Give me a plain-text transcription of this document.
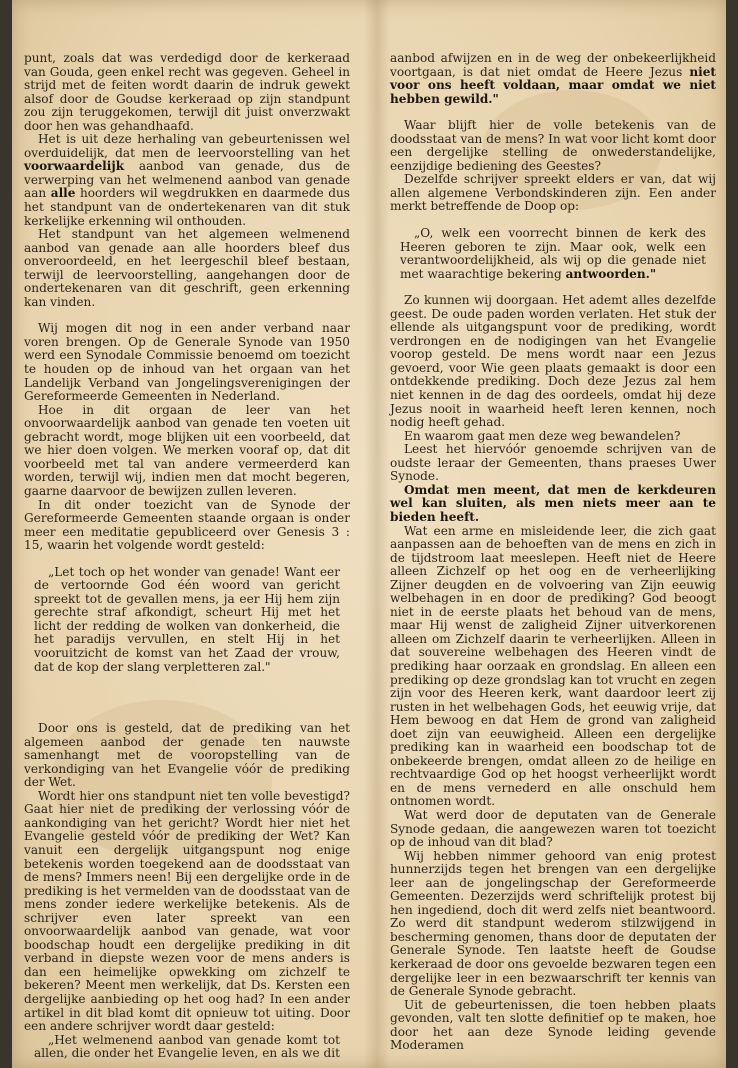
punt, zoals dat was verdedigd door de kerkeraad van Gouda, geen enkel recht was gegeven. Geheel in strijd met de feiten wordt daarin de indruk gewekt alsof door de Goudse kerkeraad op zijn standpunt zou zijn teruggekomen, terwijl dit juist onverzwakt door hen was gehandhaafd.

Het is uit deze herhaling van gebeurtenissen wel overduidelijk, dat men de leervoorstelling van het voorwaardelijk aanbod van genade, dus de verwerping van het welmenend aanbod van genade aan alle hoorders wil wegdrukken en daarmede dus het standpunt van de ondertekenaren van dit stuk kerkelijke erkenning wil onthouden.

Het standpunt van het algemeen welmenend aanbod van genade aan alle hoorders bleef dus onveroordeeld, en het leergeschil bleef bestaan, terwijl de leervoorstelling, aangehangen door de ondertekenaren van dit geschrift, geen erkenning kan vinden.

Wij mogen dit nog in een ander verband naar voren brengen. Op de Generale Synode van 1950 werd een Synodale Commissie benoemd om toezicht te houden op de inhoud van het orgaan van het Landelijk Verband van Jongelingsverenigingen der Gereformeerde Gemeenten in Nederland.

Hoe in dit orgaan de leer van het onvoorwaardelijk aanbod van genade ten voeten uit gebracht wordt, moge blijken uit een voorbeeld, dat we hier doen volgen. We merken vooraf op, dat dit voorbeeld met tal van andere vermeerderd kan worden, terwijl wij, indien men dat mocht begeren, gaarne daarvoor de bewijzen zullen leveren.

In dit onder toezicht van de Synode der Gereformeerde Gemeenten staande orgaan is onder meer een meditatie gepubliceerd over Genesis 3 : 15, waarin het volgende wordt gesteld:

„Let toch op het wonder van genade! Want eer de vertoornde God één woord van gericht spreekt tot de gevallen mens, ja eer Hij hem zijn gerechte straf afkondigt, scheurt Hij met het licht der redding de wolken van donkerheid, die het paradijs vervullen, en stelt Hij in het vooruitzicht de komst van het Zaad der vrouw, dat de kop der slang verpletteren zal."

Door ons is gesteld, dat de prediking van het algemeen aanbod der genade ten nauwste samenhangt met de vooropstelling van de verkondiging van het Evangelie vóór de prediking der Wet.

Wordt hier ons standpunt niet ten volle bevestigd? Gaat hier niet de prediking der verlossing vóór de aankondiging van het gericht? Wordt hier niet het Evangelie gesteld vóór de prediking der Wet? Kan vanuit een dergelijk uitgangspunt nog enige betekenis worden toegekend aan de doodsstaat van de mens? Immers neen! Bij een dergelijke orde in de prediking is het vermelden van de doodsstaat van de mens zonder iedere werkelijke betekenis. Als de schrijver even later spreekt van een onvoorwaardelijk aanbod van genade, wat voor boodschap houdt een dergelijke prediking in dit verband in diepste wezen voor de mens anders is dan een heimelijke opwekking om zichzelf te bekeren? Meent men werkelijk, dat Ds. Kersten een dergelijke aanbieding op het oog had? In een ander artikel in dit blad komt dit opnieuw tot uiting. Door een andere schrijver wordt daar gesteld:

„Het welmenend aanbod van genade komt tot allen, die onder het Evangelie leven, en als we dit

aanbod afwijzen en in de weg der onbekeerlijkheid voortgaan, is dat niet omdat de Heere Jezus niet voor ons heeft voldaan, maar omdat we niet hebben gewild."

Waar blijft hier de volle betekenis van de doodsstaat van de mens? In wat voor licht komt door een dergelijke stelling de onwederstandelijke, eenzijdige bediening des Geestes?

Dezelfde schrijver spreekt elders er van, dat wij allen algemene Verbondskinderen zijn. Een ander merkt betreffende de Doop op:

„O, welk een voorrecht binnen de kerk des Heeren geboren te zijn. Maar ook, welk een verantwoordelijkheid, als wij op die genade niet met waarachtige bekering antwoorden."

Zo kunnen wij doorgaan. Het ademt alles dezelfde geest. De oude paden worden verlaten. Het stuk der ellende als uitgangspunt voor de prediking, wordt verdrongen en de nodigingen van het Evangelie voorop gesteld. De mens wordt naar een Jezus gevoerd, voor Wie geen plaats gemaakt is door een ontdekkende prediking. Doch deze Jezus zal hem niet kennen in de dag des oordeels, omdat hij deze Jezus nooit in waarheid heeft leren kennen, noch nodig heeft gehad.

En waarom gaat men deze weg bewandelen?

Leest het hiervóór genoemde schrijven van de oudste leraar der Gemeenten, thans praeses Uwer Synode.

Omdat men meent, dat men de kerkdeuren wel kan sluiten, als men niets meer aan te bieden heeft.

Wat een arme en misleidende leer, die zich gaat aanpassen aan de behoeften van de mens en zich in de tijdstroom laat meeslepen. Heeft niet de Heere alleen Zichzelf op het oog en de verheerlijking Zijner deugden en de volvoering van Zijn eeuwig welbehagen in en door de prediking? God beoogt niet in de eerste plaats het behoud van de mens, maar Hij wenst de zaligheid Zijner uitverkorenen alleen om Zichzelf daarin te verheerlijken. Alleen in dat souvereine welbehagen des Heeren vindt de prediking haar oorzaak en grondslag. En alleen een prediking op deze grondslag kan tot vrucht en zegen zijn voor des Heeren kerk, want daardoor leert zij rusten in het welbehagen Gods, het eeuwig vrije, dat Hem bewoog en dat Hem de grond van zaligheid doet zijn van eeuwigheid. Alleen een dergelijke prediking kan in waarheid een boodschap tot de onbekeerde brengen, omdat alleen zo de heilige en rechtvaardige God op het hoogst verheerlijkt wordt en de mens vernederd en alle onschuld hem ontnomen wordt.

Wat werd door de deputaten van de Generale Synode gedaan, die aangewezen waren tot toezicht op de inhoud van dit blad?

Wij hebben nimmer gehoord van enig protest hunnerzijds tegen het brengen van een dergelijke leer aan de jongelingschap der Gereformeerde Gemeenten. Dezerzijds werd schriftelijk protest bij hen ingediend, doch dit werd zelfs niet beantwoord. Zo werd dit standpunt wederom stilzwijgend in bescherming genomen, thans door de deputaten der Generale Synode. Ten laatste heeft de Goudse kerkeraad de door ons gevoelde bezwaren tegen een dergelijke leer in een bezwaarschrift ter kennis van de Generale Synode gebracht.

Uit de gebeurtenissen, die toen hebben plaats gevonden, valt ten slotte definitief op te maken, hoe door het aan deze Synode leiding gevende Moderamen
